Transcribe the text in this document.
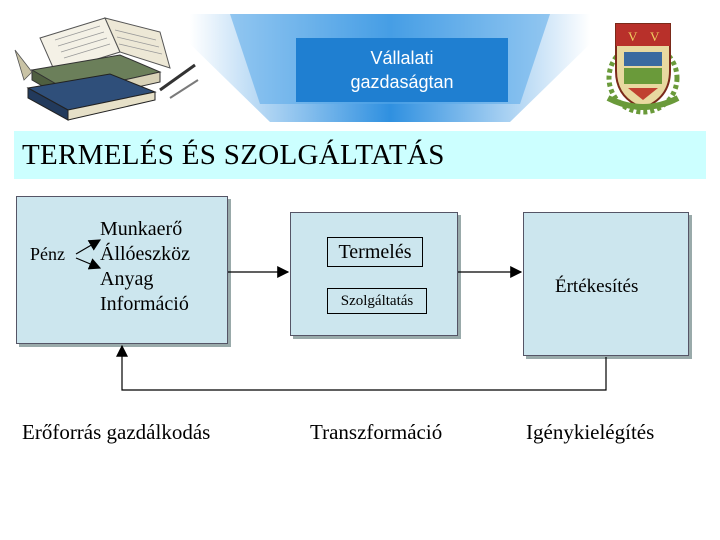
Vállalati
gazdaságtan
V V
TERMELÉS ÉS SZOLGÁLTATÁS
Pénz
Munkaerő
Állóeszköz
Anyag
Információ
Termelés
Szolgáltatás
Értékesítés
Erőforrás gazdálkodás	Transzformáció	Igénykielégítés
